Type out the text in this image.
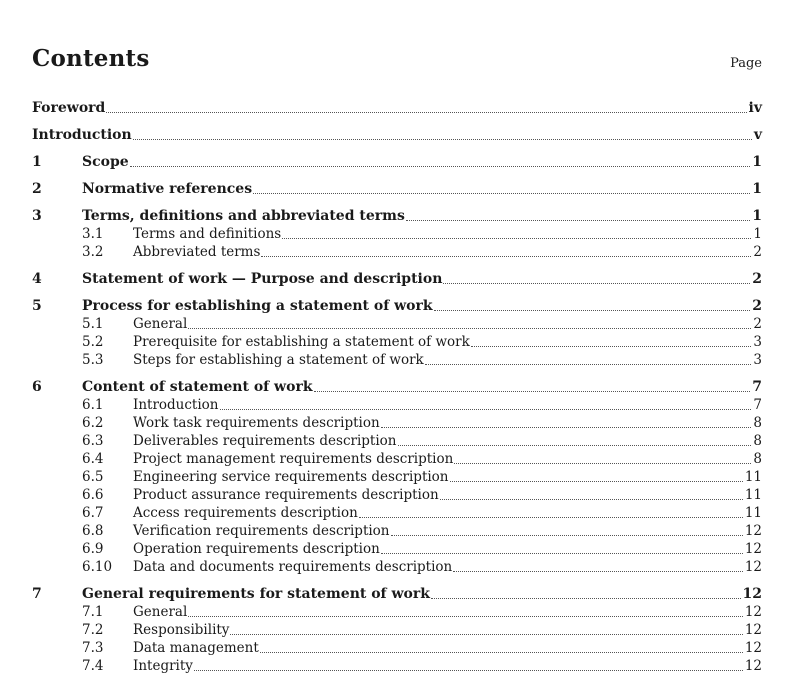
Contents	Page
Foreword	iv
Introduction	v
1	Scope	1
2	Normative references	1
3	Terms, definitions and abbreviated terms	1
3.1	Terms and definitions	1
3.2	Abbreviated terms	2
4	Statement of work — Purpose and description	2
5	Process for establishing a statement of work	2
5.1	General	2
5.2	Prerequisite for establishing a statement of work	3
5.3	Steps for establishing a statement of work	3
6	Content of statement of work	7
6.1	Introduction	7
6.2	Work task requirements description	8
6.3	Deliverables requirements description	8
6.4	Project management requirements description	8
6.5	Engineering service requirements description	11
6.6	Product assurance requirements description	11
6.7	Access requirements description	11
6.8	Verification requirements description	12
6.9	Operation requirements description	12
6.10	Data and documents requirements description	12
7	General requirements for statement of work	12
7.1	General	12
7.2	Responsibility	12
7.3	Data management	12
7.4	Integrity	12
